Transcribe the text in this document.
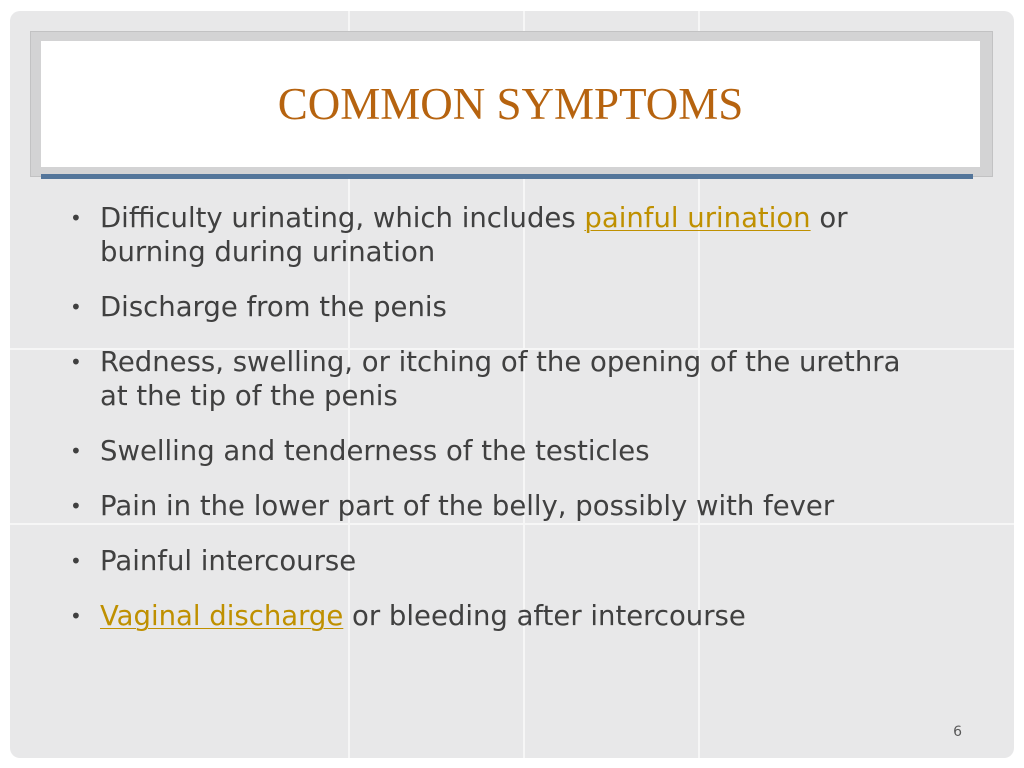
COMMON SYMPTOMS
• Difficulty urinating, which includes painful urination or burning during urination
• Discharge from the penis
• Redness, swelling, or itching of the opening of the urethra at the tip of the penis
• Swelling and tenderness of the testicles
• Pain in the lower part of the belly, possibly with fever
• Painful intercourse
• Vaginal discharge or bleeding after intercourse
6
